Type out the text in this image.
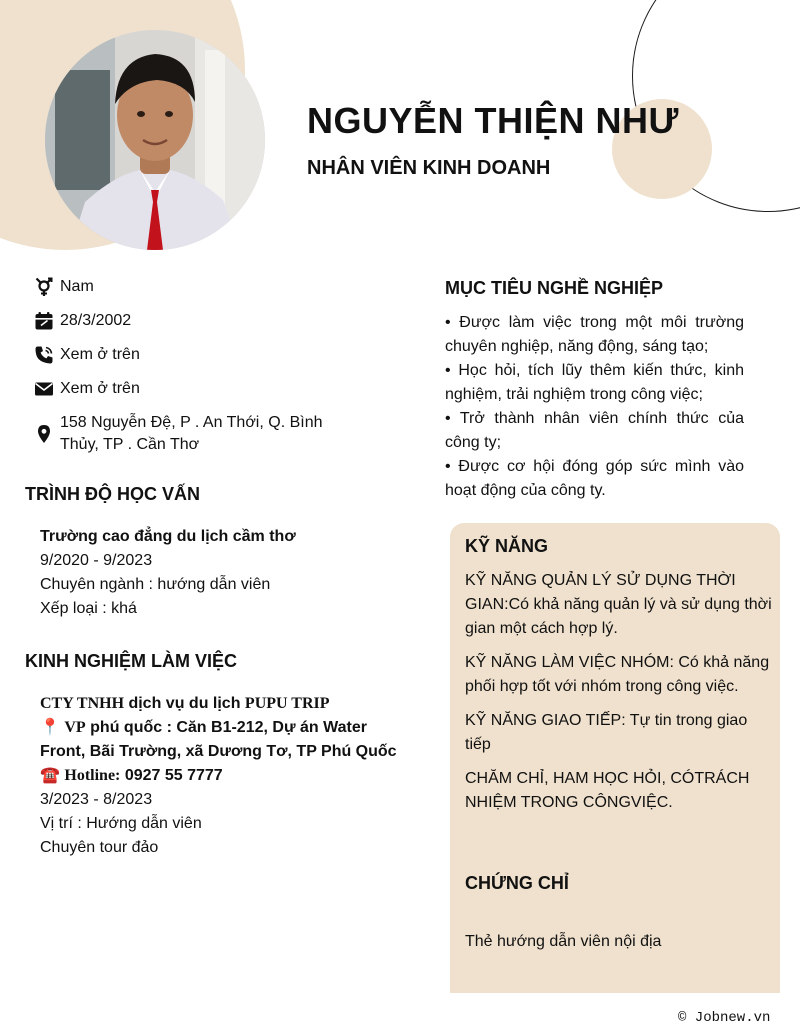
NGUYỄN THIỆN NHƯ
NHÂN VIÊN KINH DOANH
Nam
28/3/2002
Xem ở trên
Xem ở trên
158 Nguyễn Đệ, P . An Thới, Q. Bình Thủy, TP . Cần Thơ
TRÌNH ĐỘ HỌC VẤN
Trường cao đẳng du lịch cầm thơ
9/2020 - 9/2023
Chuyên ngành : hướng dẫn viên
Xếp loại : khá
KINH NGHIỆM LÀM VIỆC
CTY TNHH dịch vụ du lịch PUPU TRIP
📍 VP phú quốc : Căn B1-212, Dự án Water Front, Bãi Trường, xã Dương Tơ, TP Phú Quốc
☎️ Hotline: 0927 55 7777
3/2023 - 8/2023
Vị trí : Hướng dẫn viên
Chuyên tour đảo
MỤC TIÊU NGHỀ NGHIỆP

• Được làm việc trong một môi trường chuyên nghiệp, năng động, sáng tạo;

• Học hỏi, tích lũy thêm kiến thức, kinh nghiệm, trải nghiệm trong công việc;

• Trở thành nhân viên chính thức của công ty;

• Được cơ hội đóng góp sức mình vào hoạt động của công ty.

KỸ NĂNG
KỸ NĂNG QUẢN LÝ SỬ DỤNG THỜI GIAN:Có khả năng quản lý và sử dụng thời gian một cách hợp lý.
KỸ NĂNG LÀM VIỆC NHÓM: Có khả năng phối hợp tốt với nhóm trong công việc.
KỸ NĂNG GIAO TIẾP: Tự tin trong giao tiếp
CHĂM CHỈ, HAM HỌC HỎI, CÓTRÁCH NHIỆM TRONG CÔNGVIỆC.
CHỨNG CHỈ
Thẻ hướng dẫn viên nội địa
© Jobnew.vn
